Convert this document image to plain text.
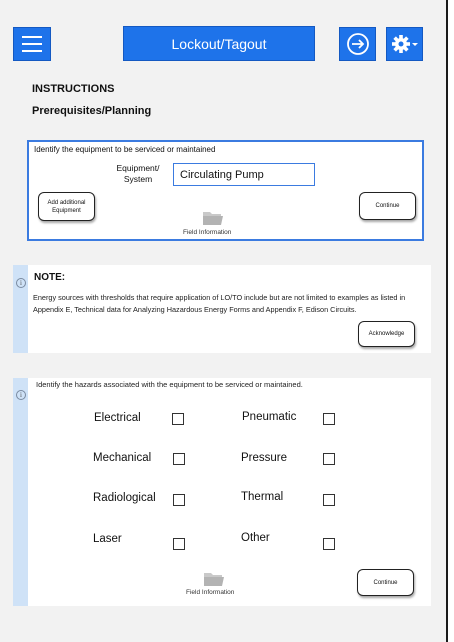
Lockout/Tagout
INSTRUCTIONS
Prerequisites/Planning
Identify the equipment to be serviced or maintained
Equipment/ System	Circulating Pump
Add additional Equipment
Continue
Field Information
i	NOTE:
Energy sources with thresholds that require application of LO/TO include but are not limited to examples as listed in Appendix E, Technical data for Analyzing Hazardous Energy Forms and Appendix F, Edison Circuits.
Acknowledge
i
Identify the hazards associated with the equipment to be serviced or maintained.
Electrical	Pneumatic
Mechanical	Pressure
Radiological	Thermal
Laser	Other
Continue
Field Information
